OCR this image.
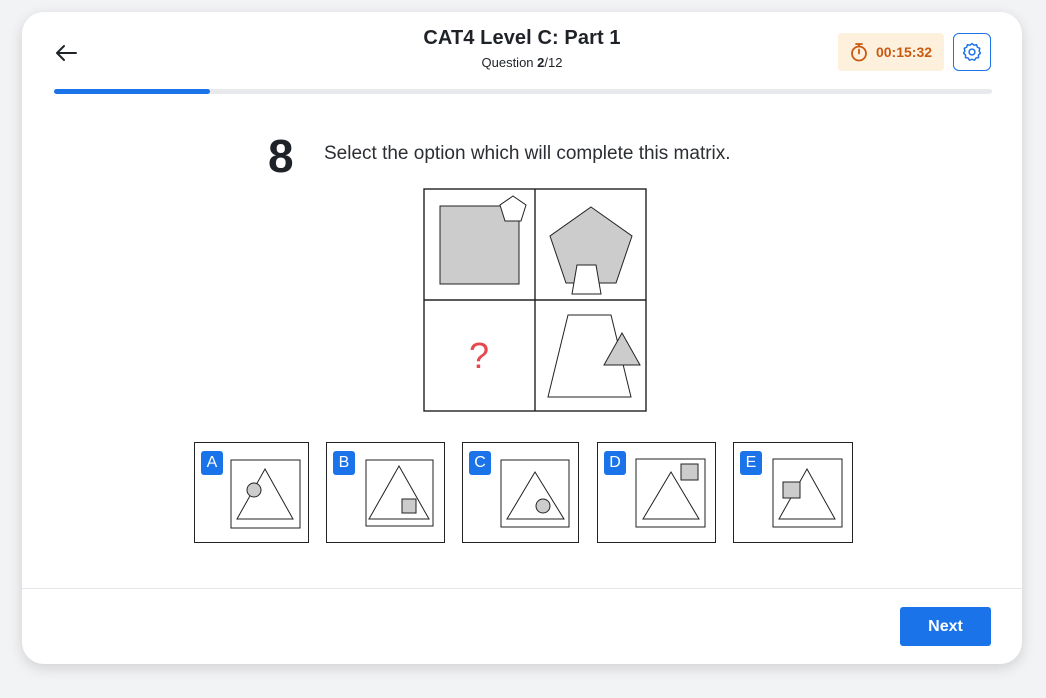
CAT4 Level C: Part 1
Question 2/12
00:15:32
8 Select the option which will complete this matrix.
?
A	B	C	D	E
Next
